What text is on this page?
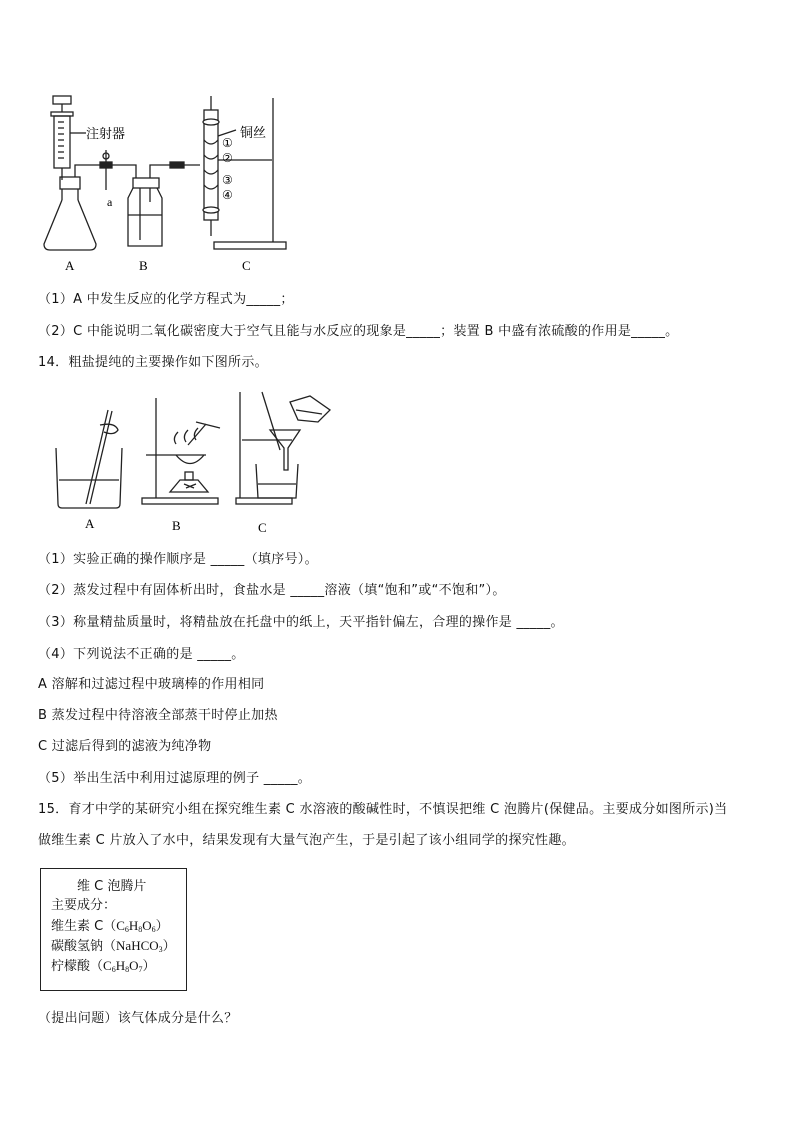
注射器	铜丝
a
①
②
③
④
A	B	C
（1）A 中发生反应的化学方程式为_____；
（2）C 中能说明二氧化碳密度大于空气且能与水反应的现象是_____；装置 B 中盛有浓硫酸的作用是_____。
14．粗盐提纯的主要操作如下图所示。
A	B	C
（1）实验正确的操作顺序是 _____（填序号）。
（2）蒸发过程中有固体析出时，食盐水是 _____溶液（填“饱和”或“不饱和”）。
（3）称量精盐质量时，将精盐放在托盘中的纸上，天平指针偏左，合理的操作是 _____。
（4）下列说法不正确的是 _____。
A 溶解和过滤过程中玻璃棒的作用相同
B 蒸发过程中待溶液全部蒸干时停止加热
C 过滤后得到的滤液为纯净物
（5）举出生活中利用过滤原理的例子 _____。
15．育才中学的某研究小组在探究维生素 C 水溶液的酸碱性时，不慎误把维 C 泡腾片(保健品。主要成分如图所示)当
做维生素 C 片放入了水中，结果发现有大量气泡产生，于是引起了该小组同学的探究性趣。
维 C 泡腾片
主要成分：
维生素 $C(C_6H_8O_6)$
碳酸氢钠（NaHCO$_3$）
柠檬酸$(C_6H_8O_7)$
（提出问题）该气体成分是什么？
